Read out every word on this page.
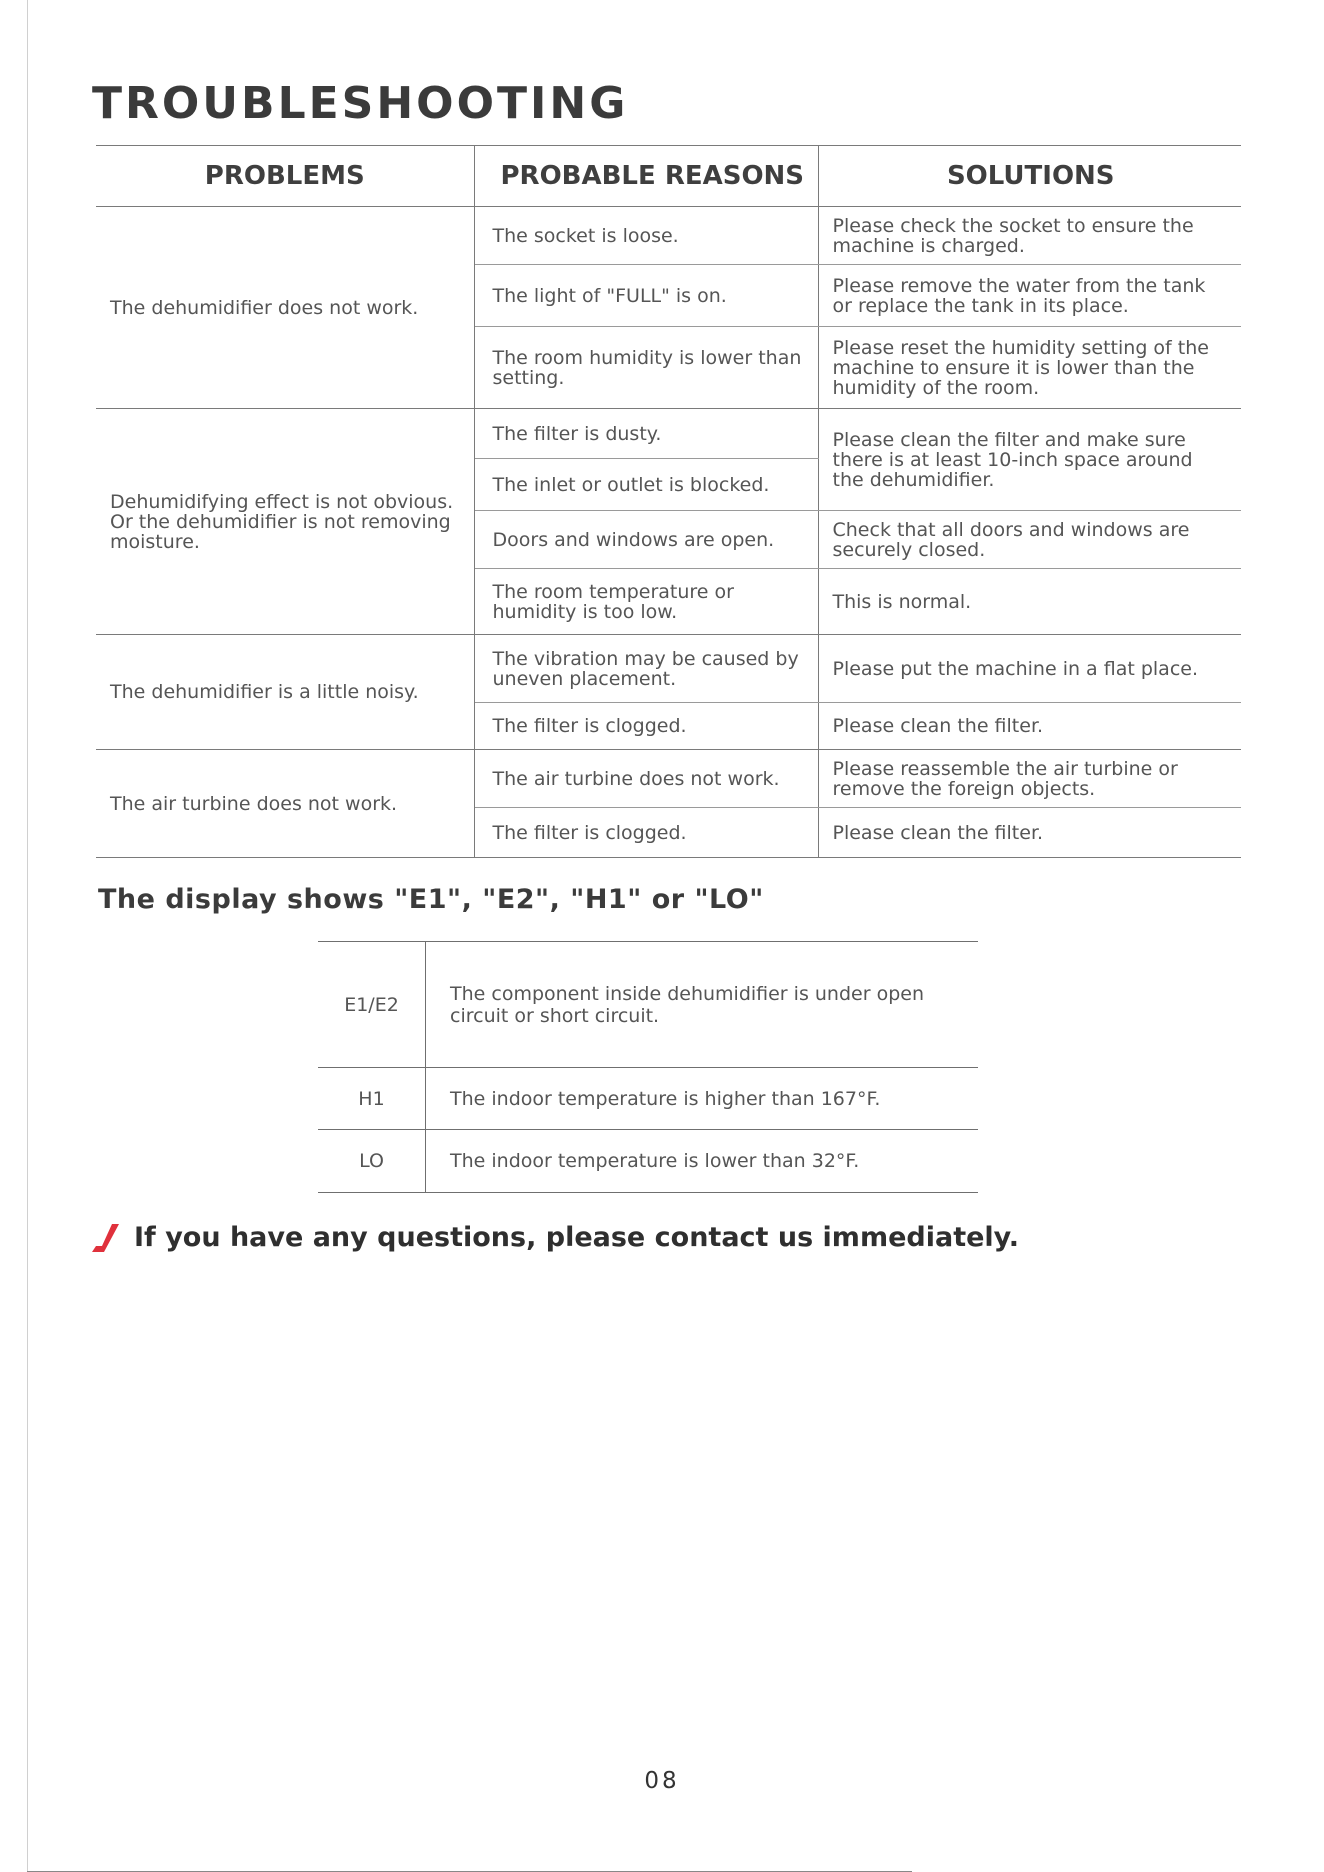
TROUBLESHOOTING
PROBLEMS	PROBABLE REASONS	SOLUTIONS
The dehumidifier does not work.	The socket is loose.	Please check the socket to ensure the machine is charged.
	The light of "FULL" is on.	Please remove the water from the tank or replace the tank in its place.
	The room humidity is lower than setting.	Please reset the humidity setting of the machine to ensure it is lower than the humidity of the room.
Dehumidifying effect is not obvious. Or the dehumidifier is not removing moisture.	The filter is dusty.	Please clean the filter and make sure there is at least 10-inch space around the dehumidifier.
	The inlet or outlet is blocked.	
	Doors and windows are open.	Check that all doors and windows are securely closed.
	The room temperature or humidity is too low.	This is normal.
The dehumidifier is a little noisy.	The vibration may be caused by uneven placement.	Please put the machine in a flat place.
	The filter is clogged.	Please clean the filter.
The air turbine does not work.	The air turbine does not work.	Please reassemble the air turbine or remove the foreign objects.
	The filter is clogged.	Please clean the filter.
The display shows "E1", "E2", "H1" or "LO"
E1/E2	The component inside dehumidifier is under open circuit or short circuit.
H1	The indoor temperature is higher than 167°F.
LO	The indoor temperature is lower than 32°F.
If you have any questions, please contact us immediately.
08
